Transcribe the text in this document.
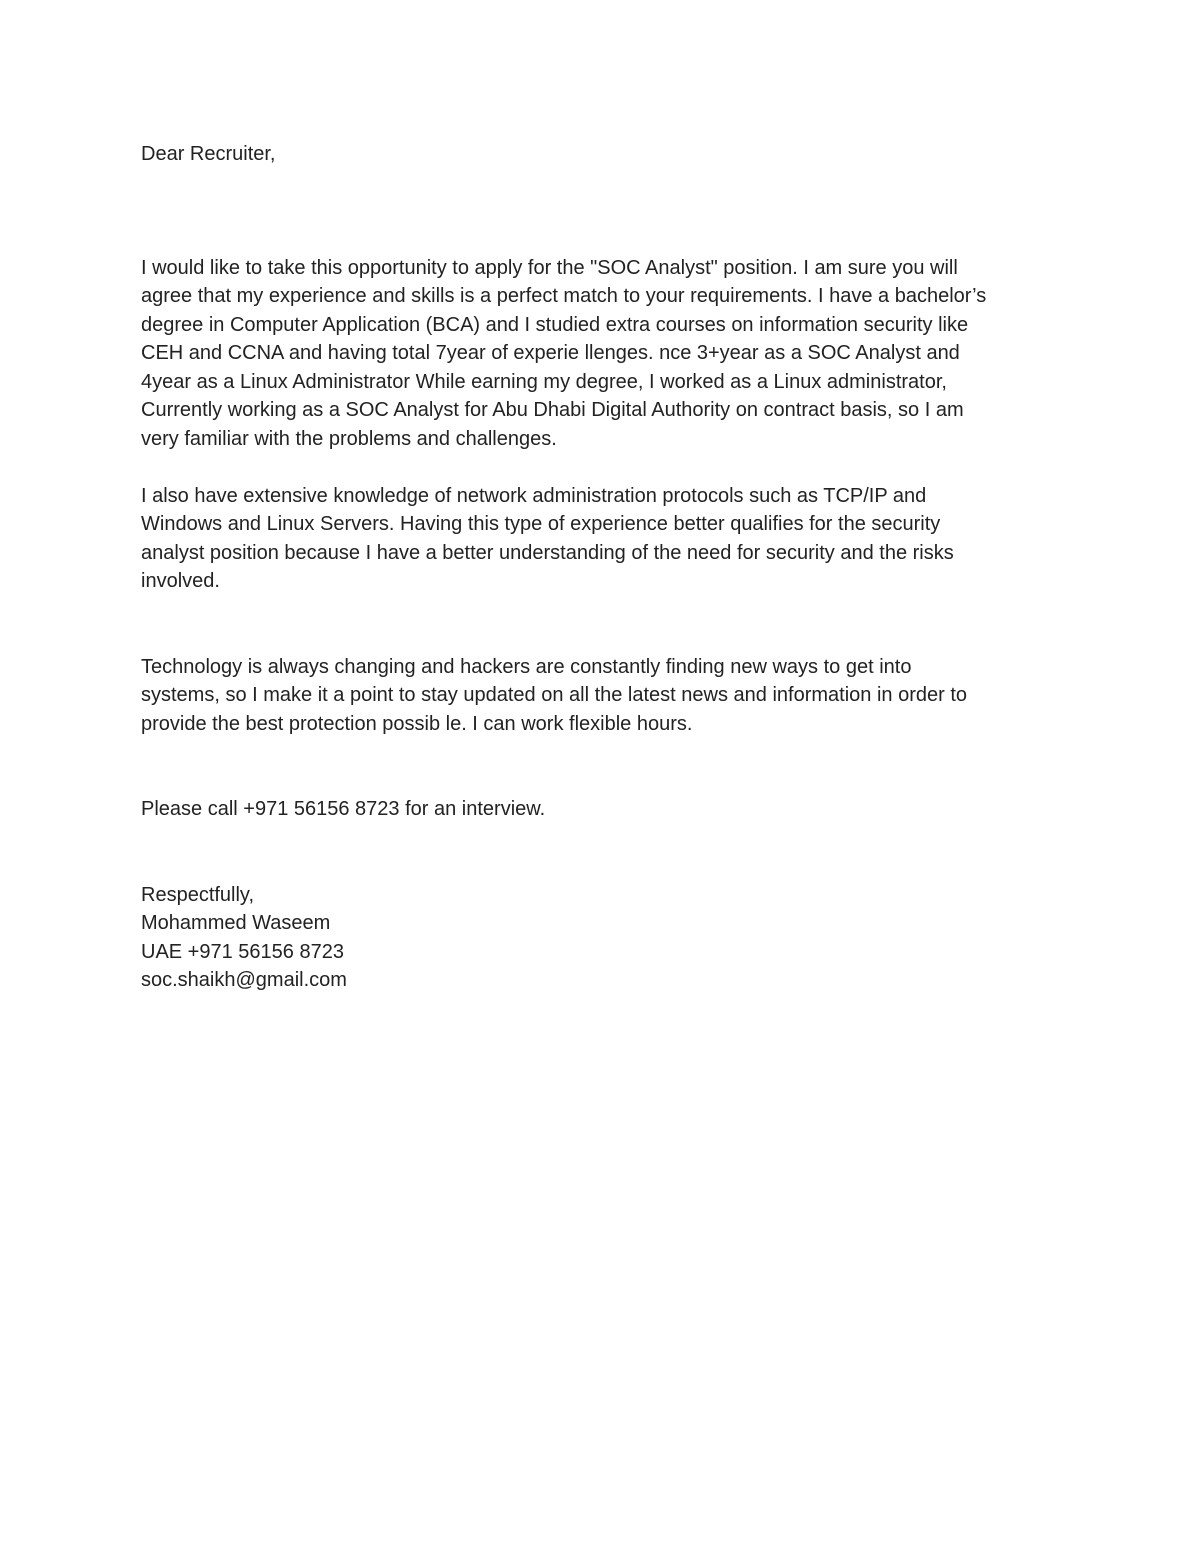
Dear Recruiter,
I would like to take this opportunity to apply for the "SOC Analyst" position. I am sure you will
agree that my experience and skills is a perfect match to your requirements. I have a bachelor’s
degree in Computer Application (BCA) and I studied extra courses on information security like
CEH and CCNA and having total 7year of experie llenges. nce 3+year as a SOC Analyst and
4year as a Linux Administrator While earning my degree, I worked as a Linux administrator,
Currently working as a SOC Analyst for Abu Dhabi Digital Authority on contract basis, so I am
very familiar with the problems and challenges.
I also have extensive knowledge of network administration protocols such as TCP/IP and
Windows and Linux Servers. Having this type of experience better qualifies for the security
analyst position because I have a better understanding of the need for security and the risks
involved.
Technology is always changing and hackers are constantly finding new ways to get into
systems, so I make it a point to stay updated on all the latest news and information in order to
provide the best protection possib le. I can work flexible hours.
Please call +971 56156 8723 for an interview.
Respectfully,
Mohammed Waseem
UAE +971 56156 8723
soc.shaikh@gmail.com
